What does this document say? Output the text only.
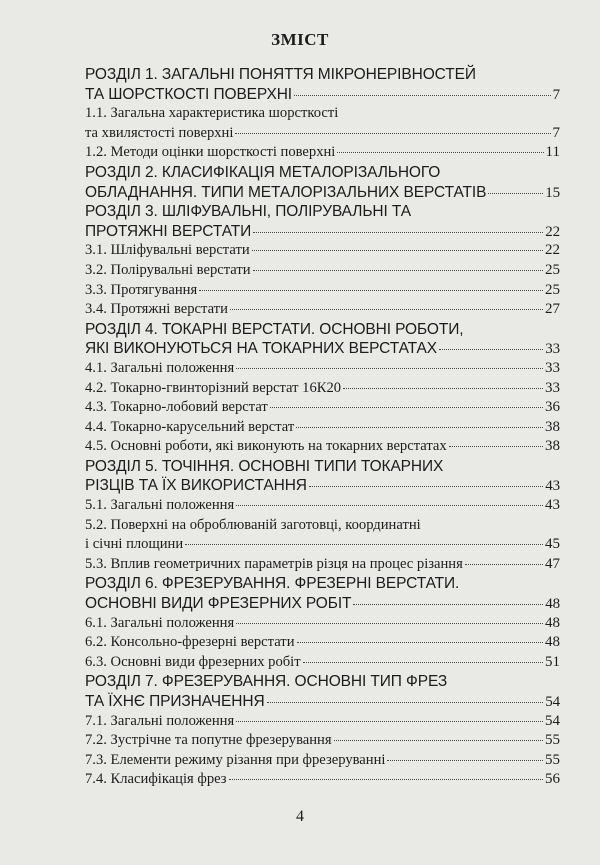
ЗМІСТ
РОЗДІЛ 1. ЗАГАЛЬНІ ПОНЯТТЯ МІКРОНЕРІВНОСТЕЙ
ТА ШОРСТКОСТІ ПОВЕРХНІ	7
1.1. Загальна характеристика шорсткості
та хвилястості поверхні	7
1.2. Методи оцінки шорсткості поверхні	11
РОЗДІЛ 2. КЛАСИФІКАЦІЯ МЕТАЛОРІЗАЛЬНОГО
ОБЛАДНАННЯ. ТИПИ МЕТАЛОРІЗАЛЬНИХ ВЕРСТАТІВ	15
РОЗДІЛ 3. ШЛІФУВАЛЬНІ, ПОЛІРУВАЛЬНІ ТА
ПРОТЯЖНІ ВЕРСТАТИ	22
3.1. Шліфувальні верстати	22
3.2. Полірувальні верстати	25
3.3. Протягування	25
3.4. Протяжні верстати	27
РОЗДІЛ 4. ТОКАРНІ ВЕРСТАТИ. ОСНОВНІ РОБОТИ,
ЯКІ ВИКОНУЮТЬСЯ НА ТОКАРНИХ ВЕРСТАТАХ	33
4.1. Загальні положення	33
4.2. Токарно-гвинторізний верстат 16К20	33
4.3. Токарно-лобовий верстат	36
4.4. Токарно-карусельний верстат	38
4.5. Основні роботи, які виконують на токарних верстатах	38
РОЗДІЛ 5. ТОЧІННЯ. ОСНОВНІ ТИПИ ТОКАРНИХ
РІЗЦІВ ТА ЇХ ВИКОРИСТАННЯ	43
5.1. Загальні положення	43
5.2. Поверхні на оброблюваній заготовці, координатні
і січні площини	45
5.3. Вплив геометричних параметрів різця на процес різання	47
РОЗДІЛ 6. ФРЕЗЕРУВАННЯ. ФРЕЗЕРНІ ВЕРСТАТИ.
ОСНОВНІ ВИДИ ФРЕЗЕРНИХ РОБІТ	48
6.1. Загальні положення	48
6.2. Консольно-фрезерні верстати	48
6.3. Основні види фрезерних робіт	51
РОЗДІЛ 7. ФРЕЗЕРУВАННЯ. ОСНОВНІ ТИП ФРЕЗ
ТА ЇХНЄ ПРИЗНАЧЕННЯ	54
7.1. Загальні положення	54
7.2. Зустрічне та попутне фрезерування	55
7.3. Елементи режиму різання при фрезеруванні	55
7.4. Класифікація фрез	56
4
